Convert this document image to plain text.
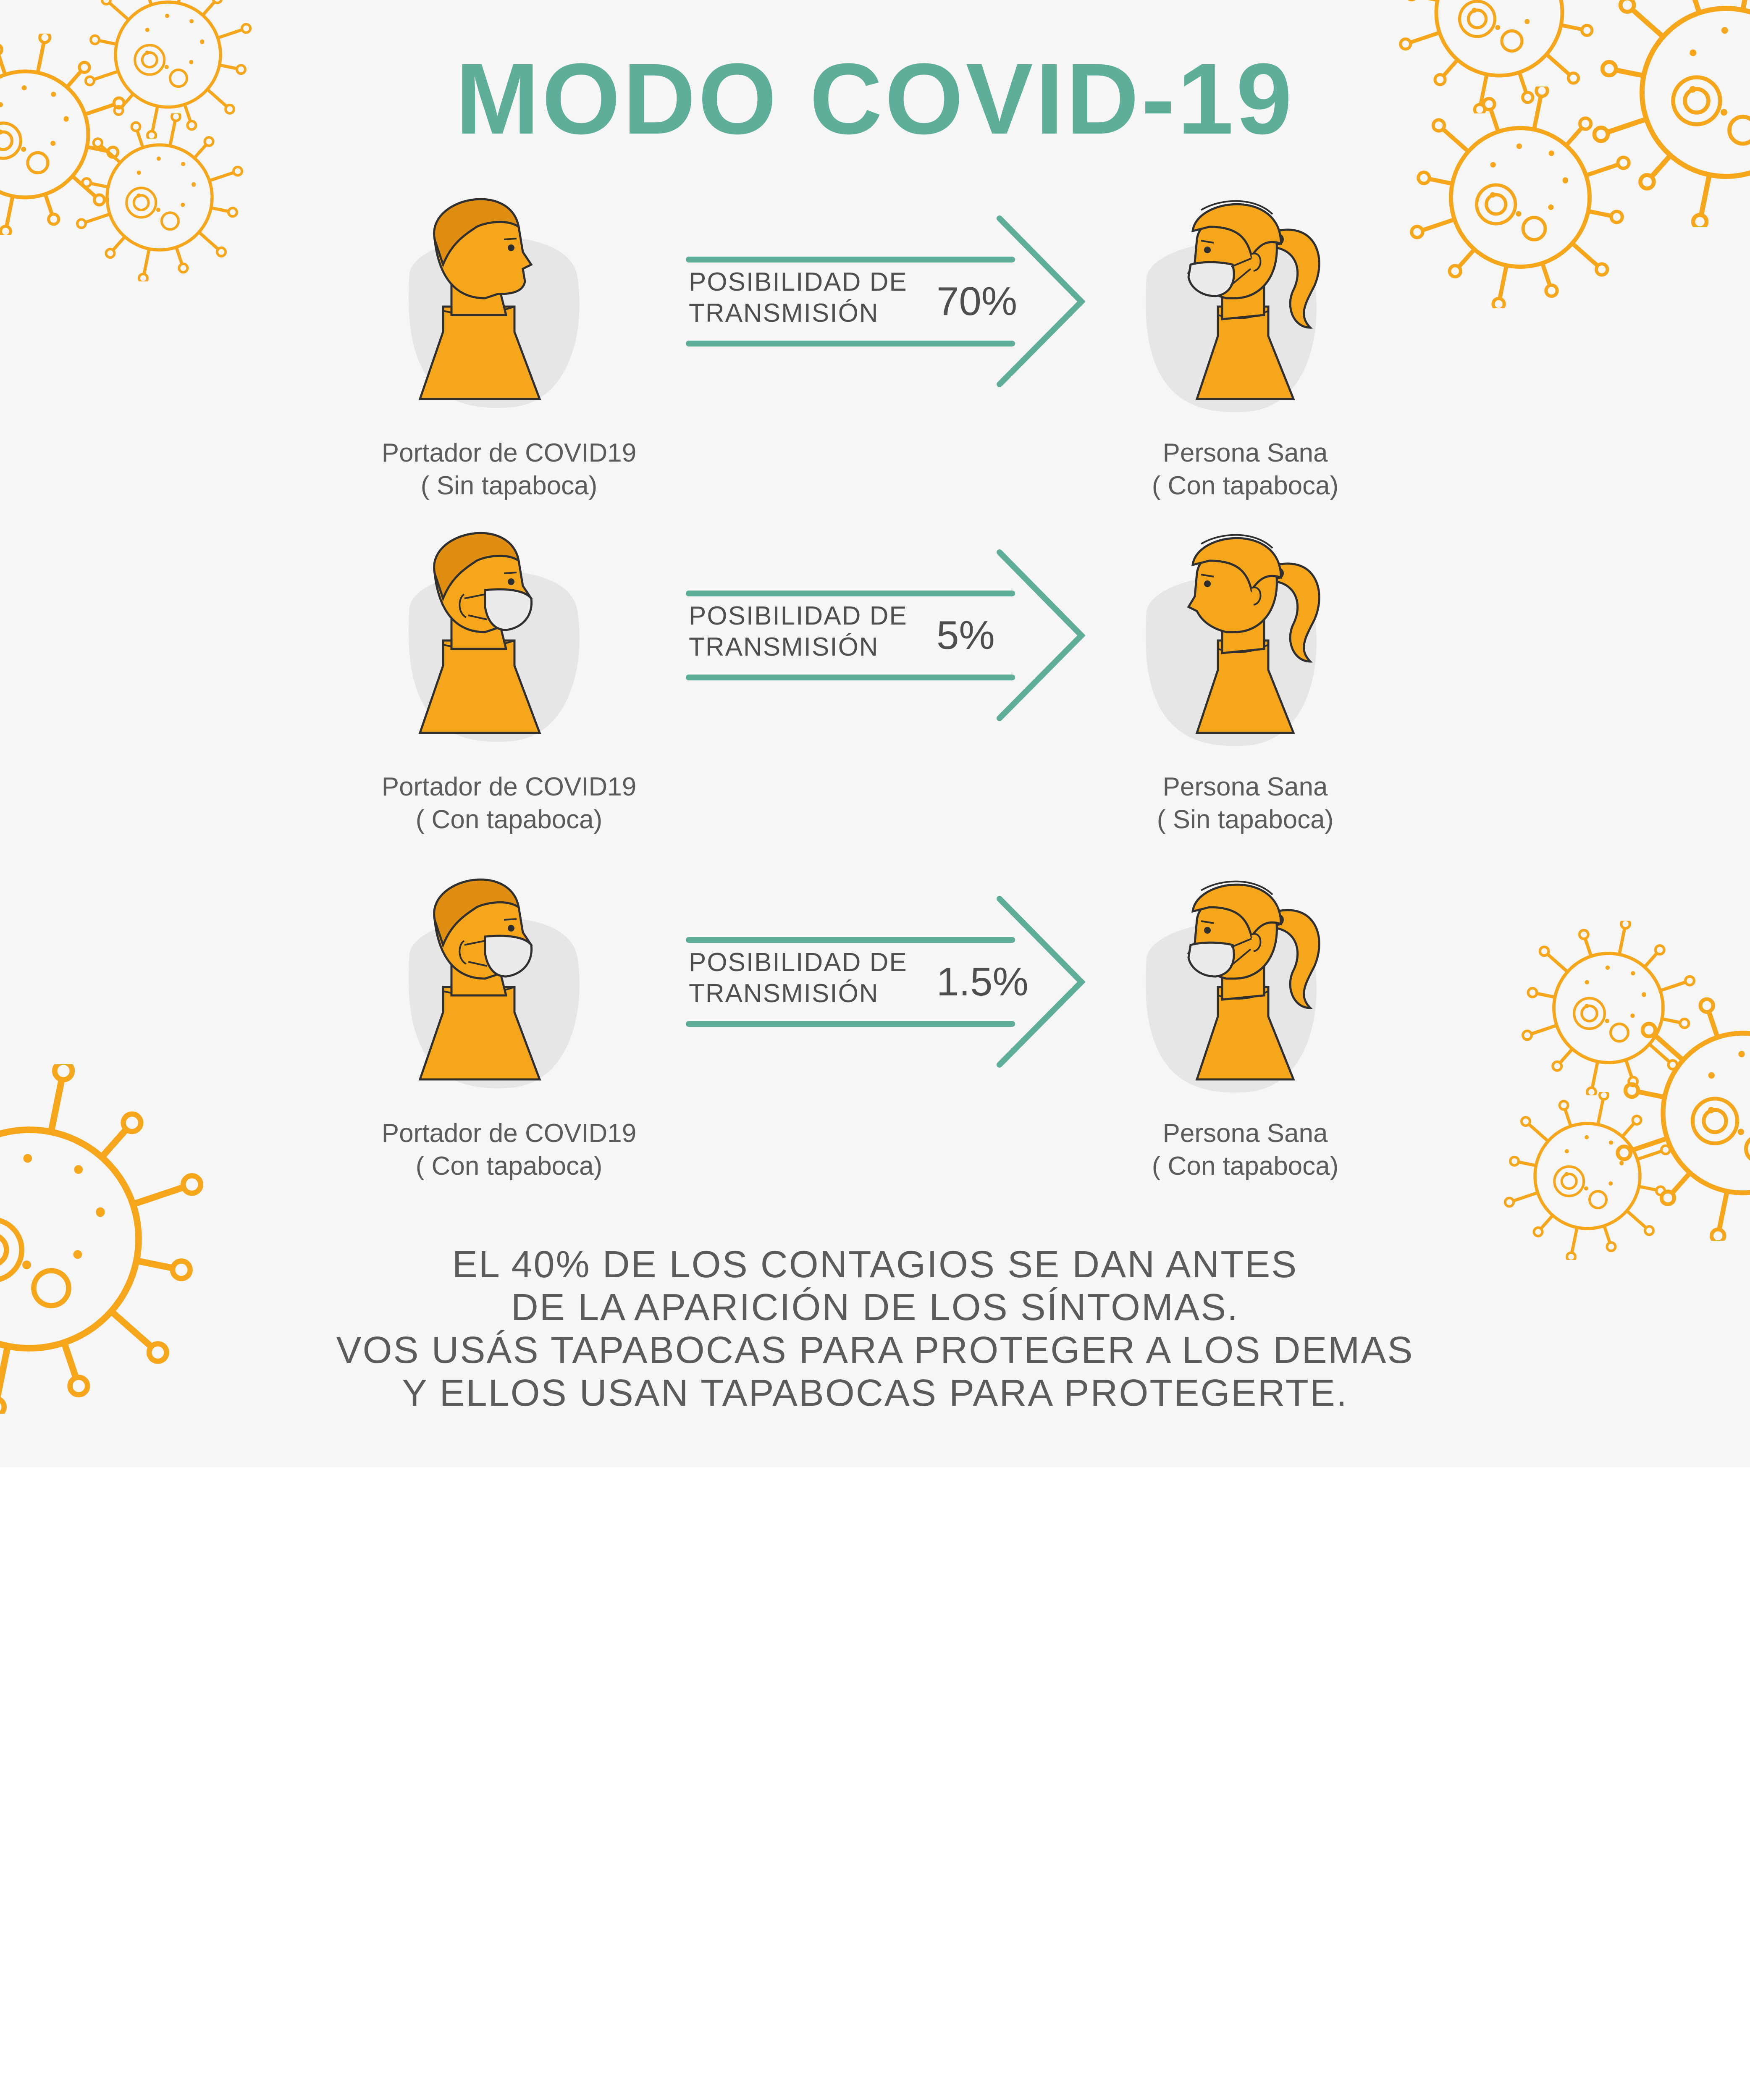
MODO COVID-19
POSIBILIDAD DE
TRANSMISIÓN	70%
Portador de COVID19
( Sin tapaboca)
Persona Sana
( Con tapaboca)
POSIBILIDAD DE
TRANSMISIÓN	5%
Portador de COVID19
( Con tapaboca)
Persona Sana
( Sin tapaboca)
POSIBILIDAD DE
TRANSMISIÓN	1.5%
Portador de COVID19
( Con tapaboca)
Persona Sana
( Con tapaboca)
EL 40% DE LOS CONTAGIOS SE DAN ANTES
DE LA APARICIÓN DE LOS SÍNTOMAS.
VOS USÁS TAPABOCAS PARA PROTEGER A LOS DEMAS
Y ELLOS USAN TAPABOCAS PARA PROTEGERTE.
